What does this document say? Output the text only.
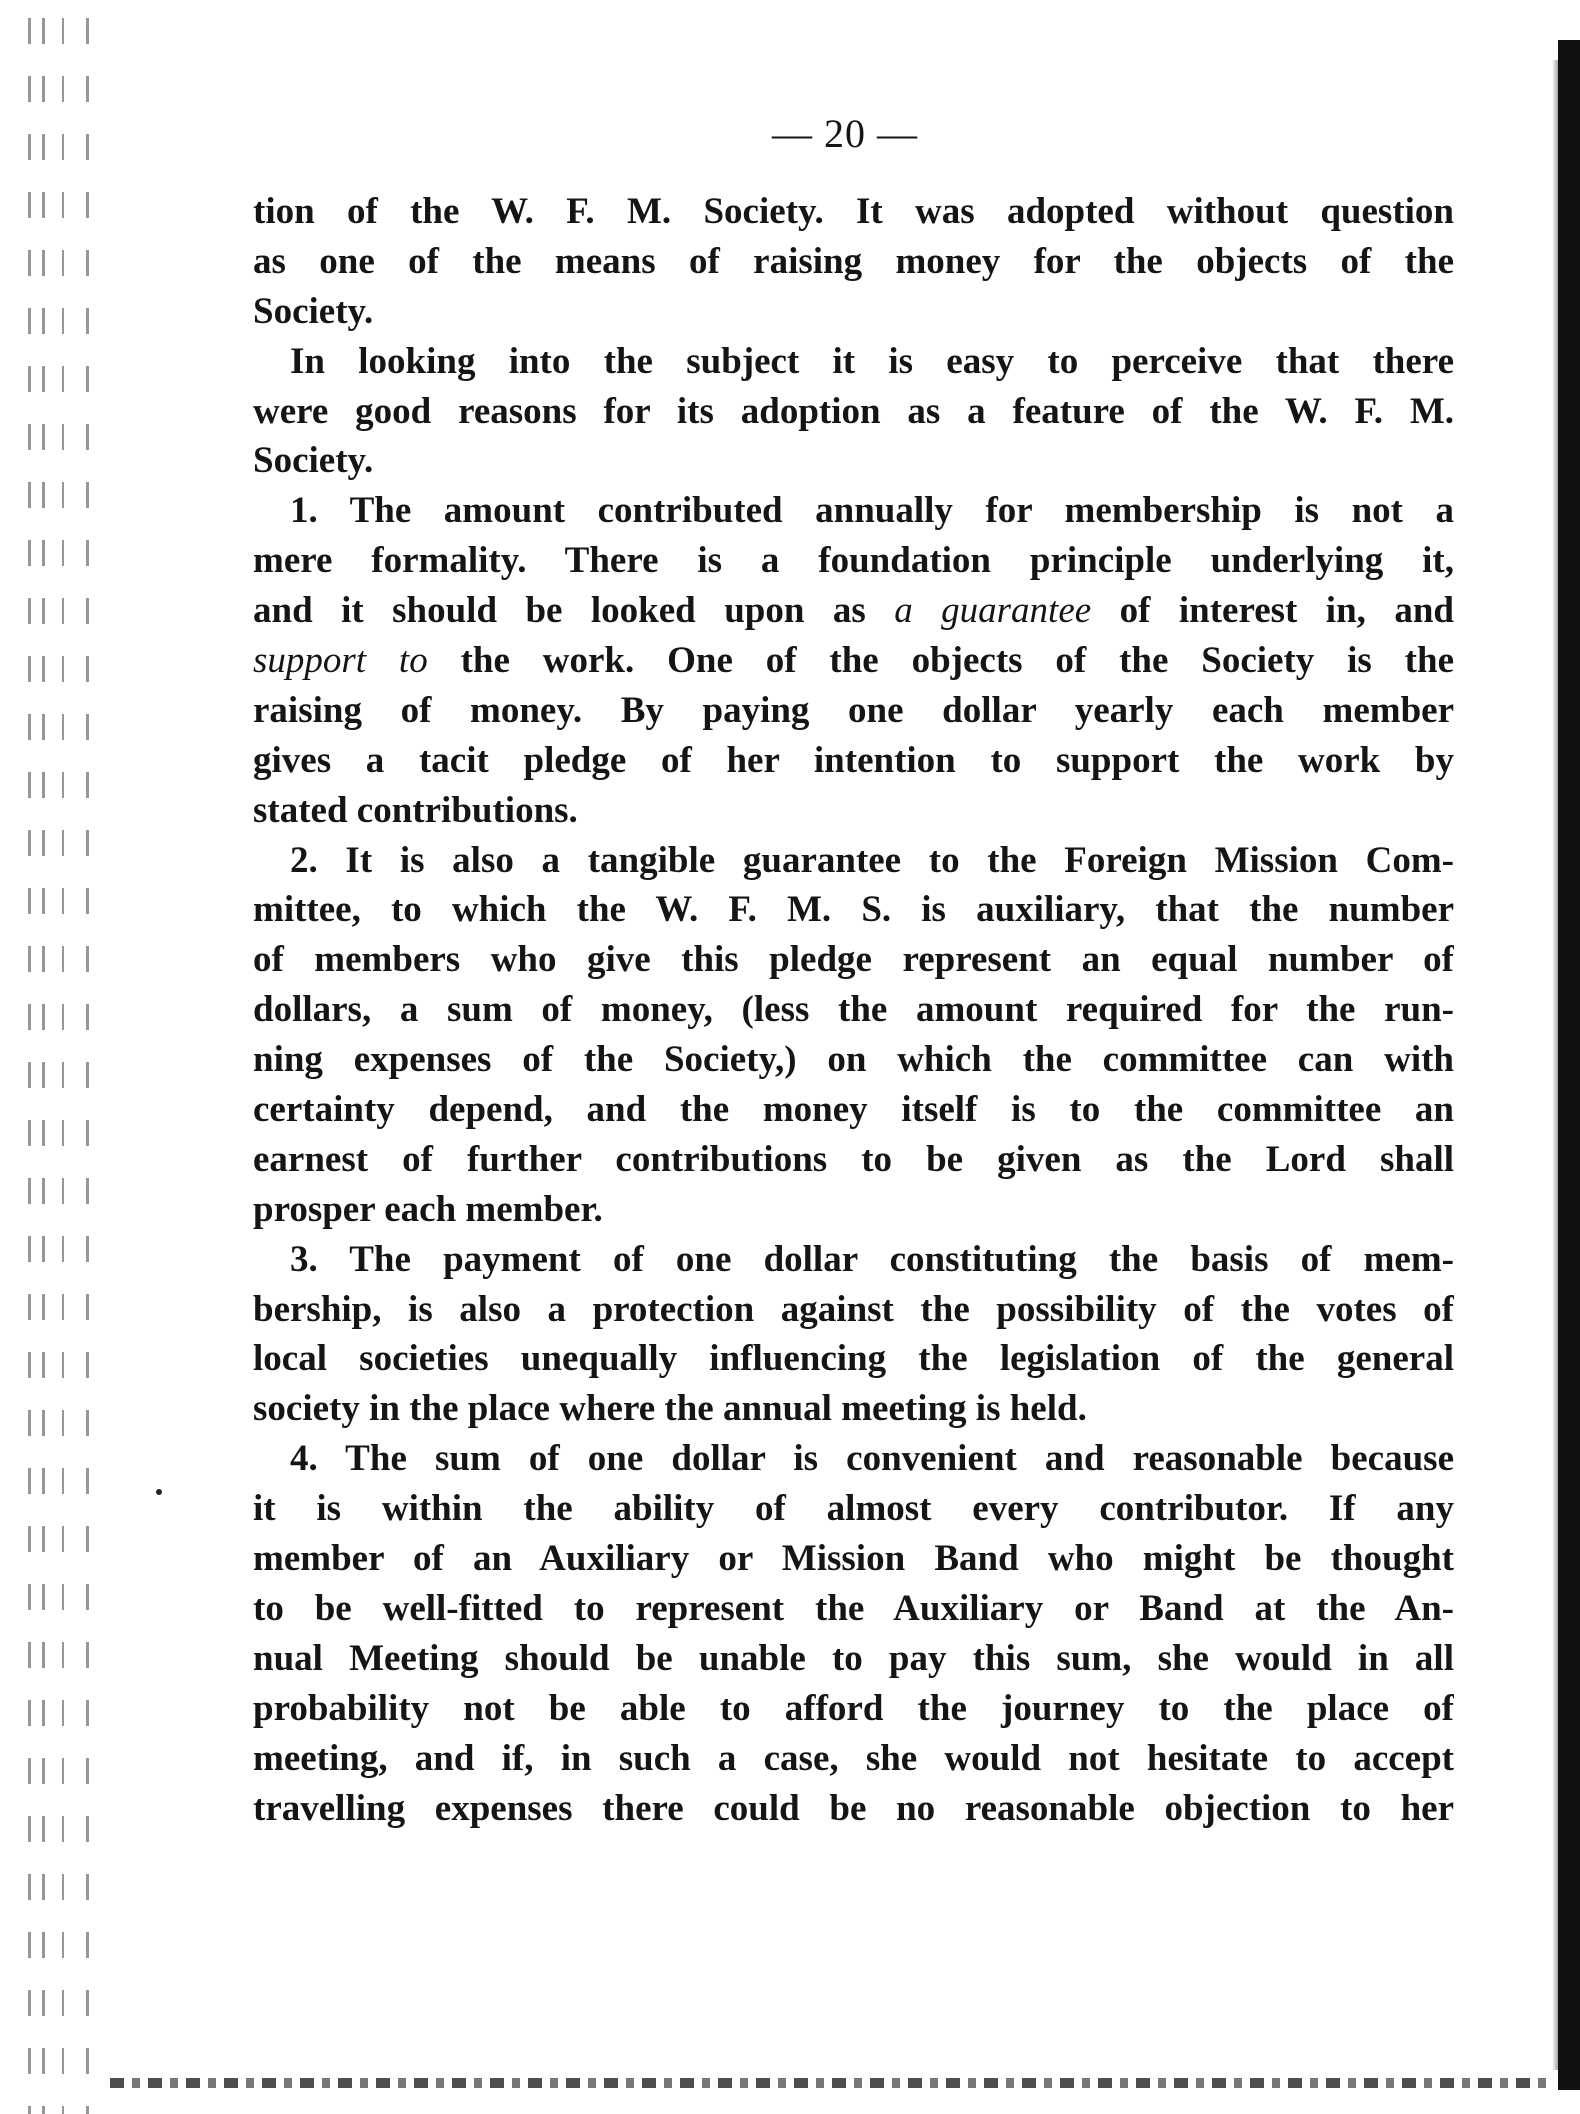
— 20 —
tion of the W. F. M. Society. It was adopted without question
as one of the means of raising money for the objects of the
Society.
In looking into the subject it is easy to perceive that there
were good reasons for its adoption as a feature of the W. F. M.
Society.
1. The amount contributed annually for membership is not a
mere formality. There is a foundation principle underlying it,
and it should be looked upon as a guarantee of interest in, and
support to the work. One of the objects of the Society is the
raising of money. By paying one dollar yearly each member
gives a tacit pledge of her intention to support the work by
stated contributions.
2. It is also a tangible guarantee to the Foreign Mission Com-
mittee, to which the W. F. M. S. is auxiliary, that the number
of members who give this pledge represent an equal number of
dollars, a sum of money, (less the amount required for the run-
ning expenses of the Society,) on which the committee can with
certainty depend, and the money itself is to the committee an
earnest of further contributions to be given as the Lord shall
prosper each member.
3. The payment of one dollar constituting the basis of mem-
bership, is also a protection against the possibility of the votes of
local societies unequally influencing the legislation of the general
society in the place where the annual meeting is held.
4. The sum of one dollar is convenient and reasonable because
it is within the ability of almost every contributor. If any
member of an Auxiliary or Mission Band who might be thought
to be well-fitted to represent the Auxiliary or Band at the An-
nual Meeting should be unable to pay this sum, she would in all
probability not be able to afford the journey to the place of
meeting, and if, in such a case, she would not hesitate to accept
travelling expenses there could be no reasonable objection to her
